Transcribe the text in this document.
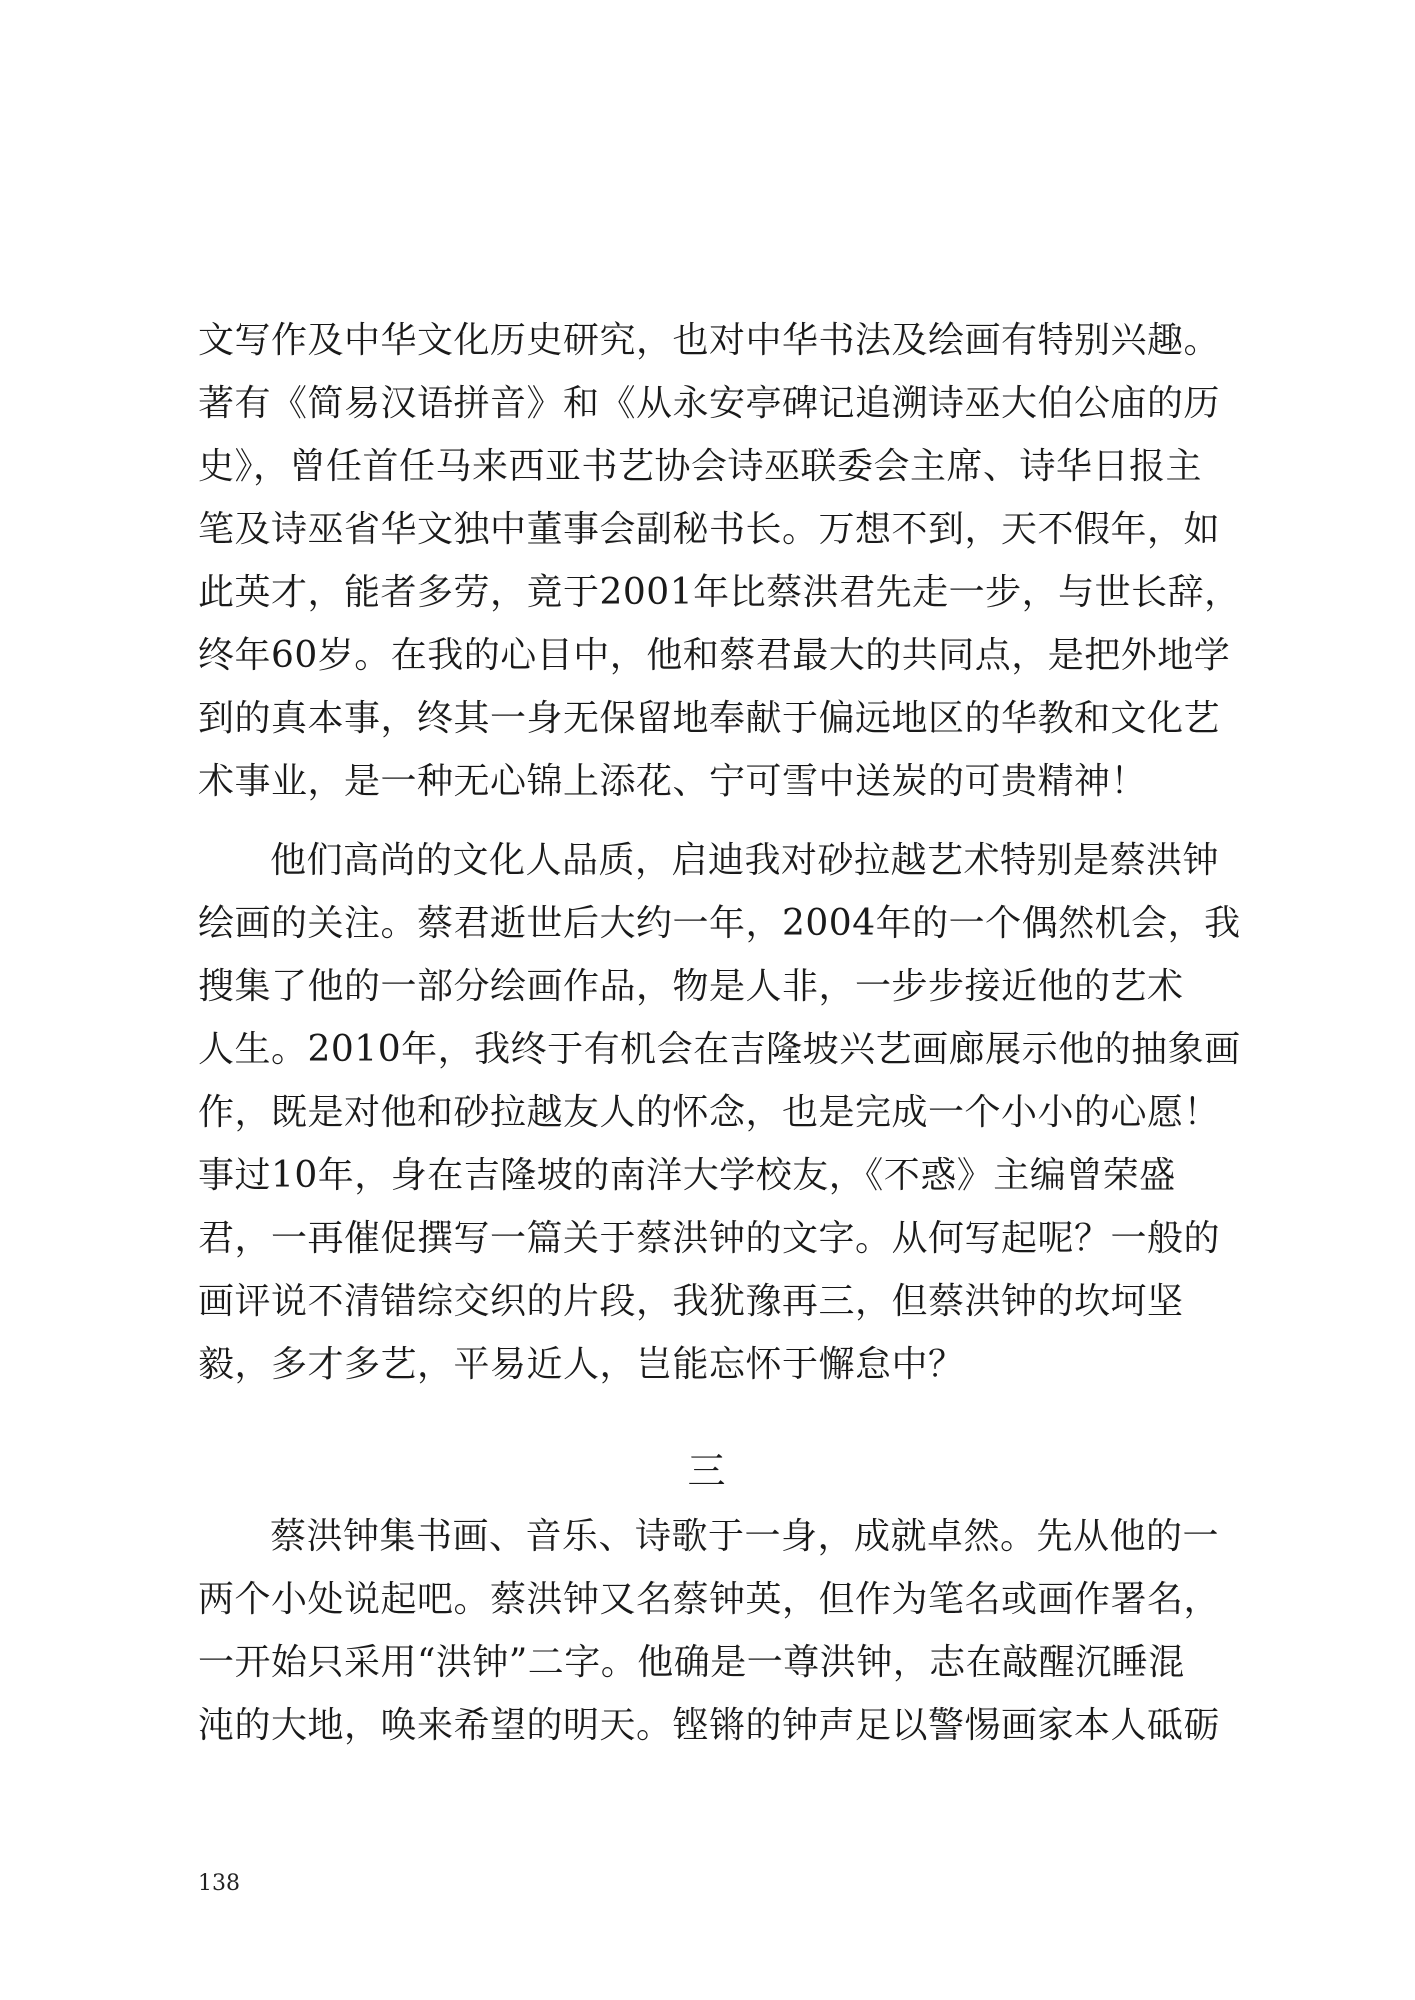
文写作及中华文化历史研究，也对中华书法及绘画有特别兴趣。
著有《简易汉语拼音》和《从永安亭碑记追溯诗巫大伯公庙的历
史》，曾任首任马来西亚书艺协会诗巫联委会主席、诗华日报主
笔及诗巫省华文独中董事会副秘书长。万想不到，天不假年，如
此英才，能者多劳，竟于2001年比蔡洪君先走一步，与世长辞，
终年60岁。在我的心目中，他和蔡君最大的共同点，是把外地学
到的真本事，终其一身无保留地奉献于偏远地区的华教和文化艺
术事业，是一种无心锦上添花、宁可雪中送炭的可贵精神！
他们高尚的文化人品质，启迪我对砂拉越艺术特别是蔡洪钟
绘画的关注。蔡君逝世后大约一年，2004年的一个偶然机会，我
搜集了他的一部分绘画作品，物是人非，一步步接近他的艺术
人生。2010年，我终于有机会在吉隆坡兴艺画廊展示他的抽象画
作，既是对他和砂拉越友人的怀念，也是完成一个小小的心愿！
事过10年，身在吉隆坡的南洋大学校友，《不惑》主编曾荣盛
君，一再催促撰写一篇关于蔡洪钟的文字。从何写起呢？一般的
画评说不清错综交织的片段，我犹豫再三，但蔡洪钟的坎坷坚
毅，多才多艺，平易近人，岂能忘怀于懈怠中？
三
蔡洪钟集书画、音乐、诗歌于一身，成就卓然。先从他的一
两个小处说起吧。蔡洪钟又名蔡钟英，但作为笔名或画作署名，
一开始只采用“洪钟”二字。他确是一尊洪钟，志在敲醒沉睡混
沌的大地，唤来希望的明天。铿锵的钟声足以警惕画家本人砥砺
138
